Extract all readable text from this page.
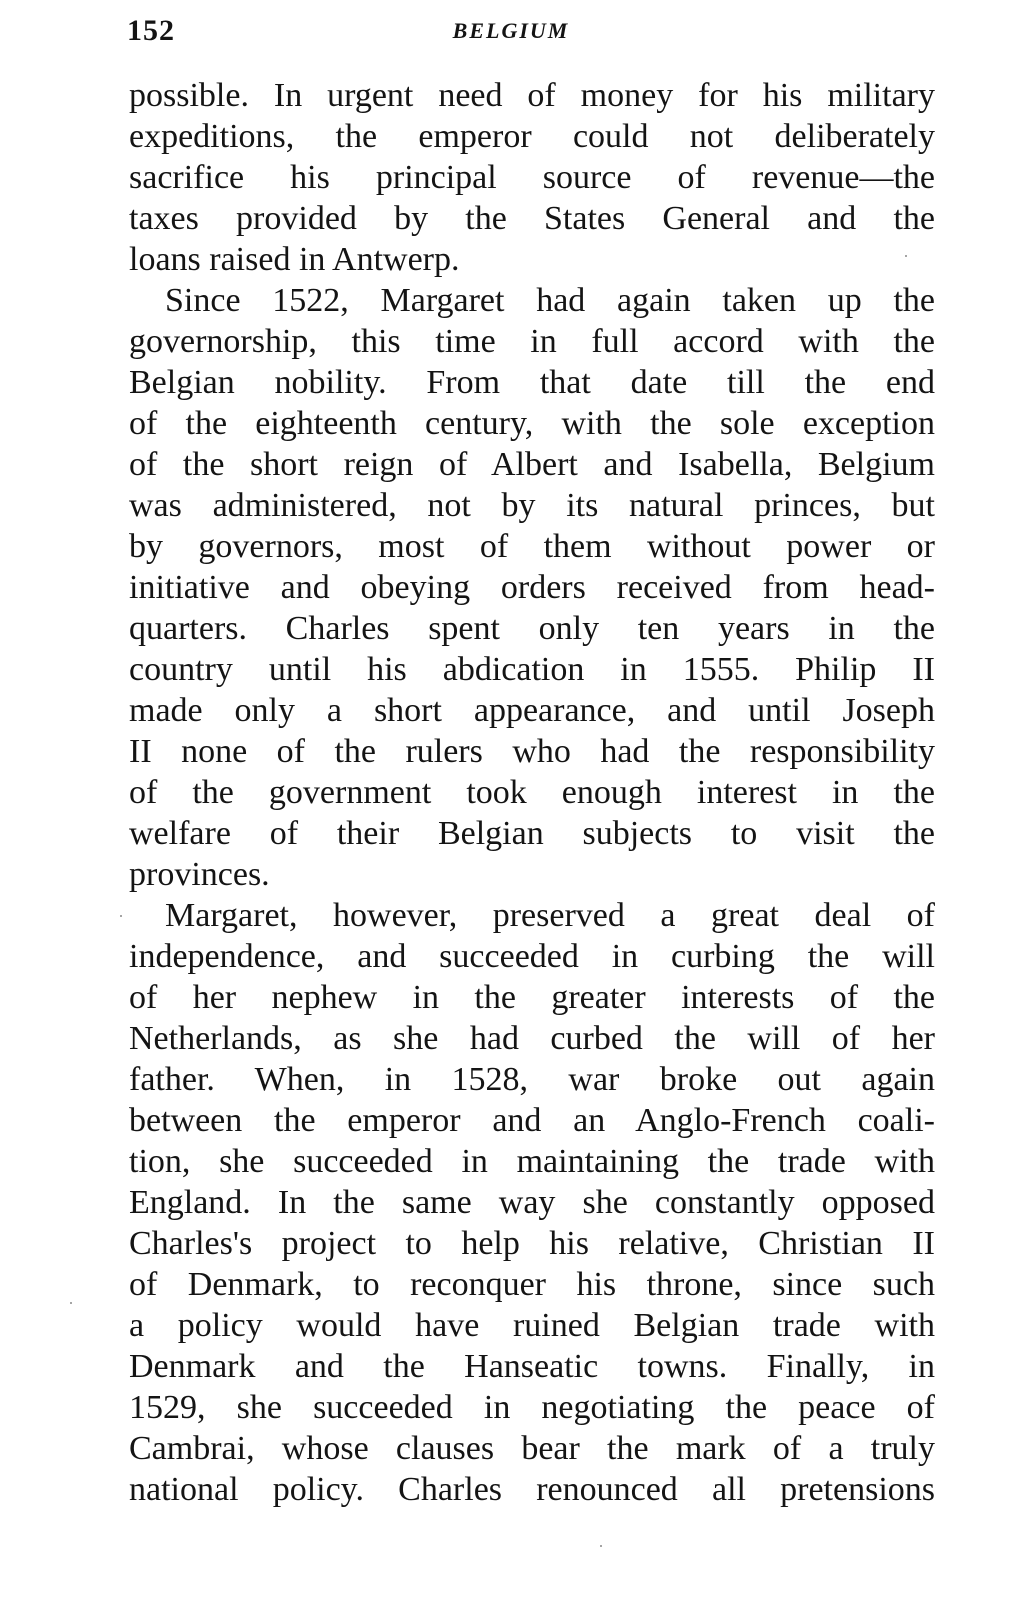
152	BELGIUM
possible. In urgent need of money for his military
expeditions, the emperor could not deliberately
sacrifice his principal source of revenue—the
taxes provided by the States General and the
loans raised in Antwerp.
Since 1522, Margaret had again taken up the
governorship, this time in full accord with the
Belgian nobility. From that date till the end
of the eighteenth century, with the sole exception
of the short reign of Albert and Isabella, Belgium
was administered, not by its natural princes, but
by governors, most of them without power or
initiative and obeying orders received from head-
quarters. Charles spent only ten years in the
country until his abdication in 1555. Philip II
made only a short appearance, and until Joseph
II none of the rulers who had the responsibility
of the government took enough interest in the
welfare of their Belgian subjects to visit the
provinces.
Margaret, however, preserved a great deal of
independence, and succeeded in curbing the will
of her nephew in the greater interests of the
Netherlands, as she had curbed the will of her
father. When, in 1528, war broke out again
between the emperor and an Anglo-French coali-
tion, she succeeded in maintaining the trade with
England. In the same way she constantly opposed
Charles's project to help his relative, Christian II
of Denmark, to reconquer his throne, since such
a policy would have ruined Belgian trade with
Denmark and the Hanseatic towns. Finally, in
1529, she succeeded in negotiating the peace of
Cambrai, whose clauses bear the mark of a truly
national policy. Charles renounced all pretensions
